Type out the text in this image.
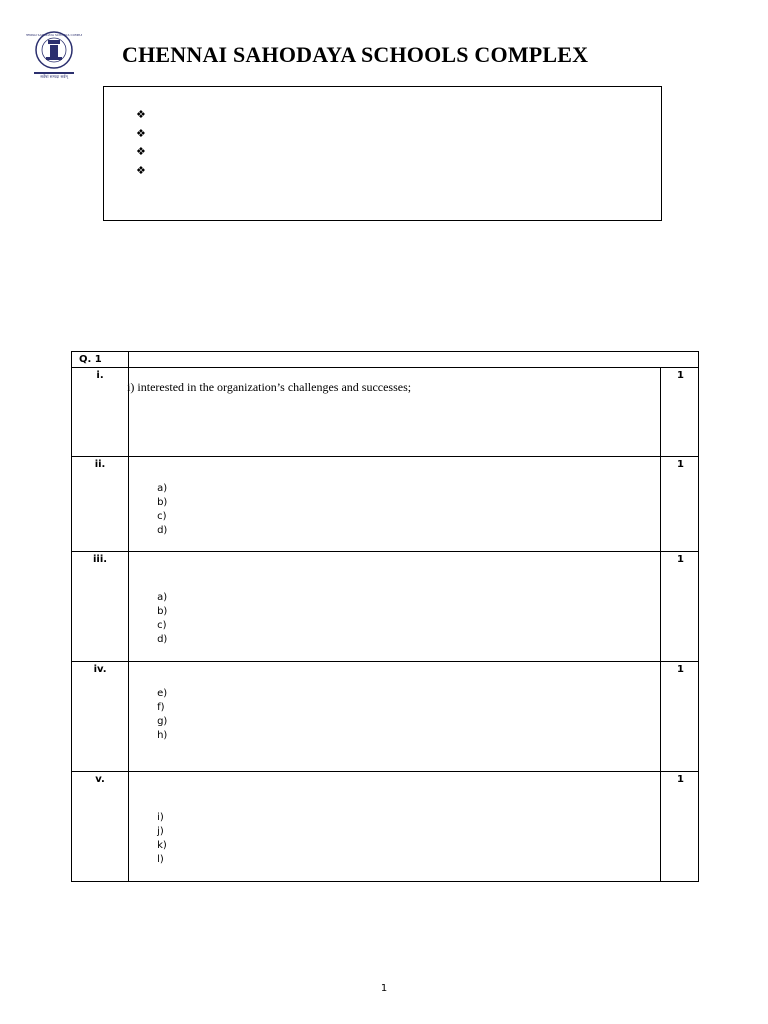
CHENNAI SAHODAYA SCHOOLS COMPLEX
सर्वेषां सम्पदा सर्वम्
CHENNAI SAHODAYA SCHOOLS COMPLEX
❖
❖
❖
❖
Q. 1		
i.	i) interested in the organization’s challenges and successes;	1
ii.	a)
b)
c)
d)	1
iii.	a)
b)
c)
d)	1
iv.	e)
f)
g)
h)	1
v.	i)
j)
k)
l)	1
1
